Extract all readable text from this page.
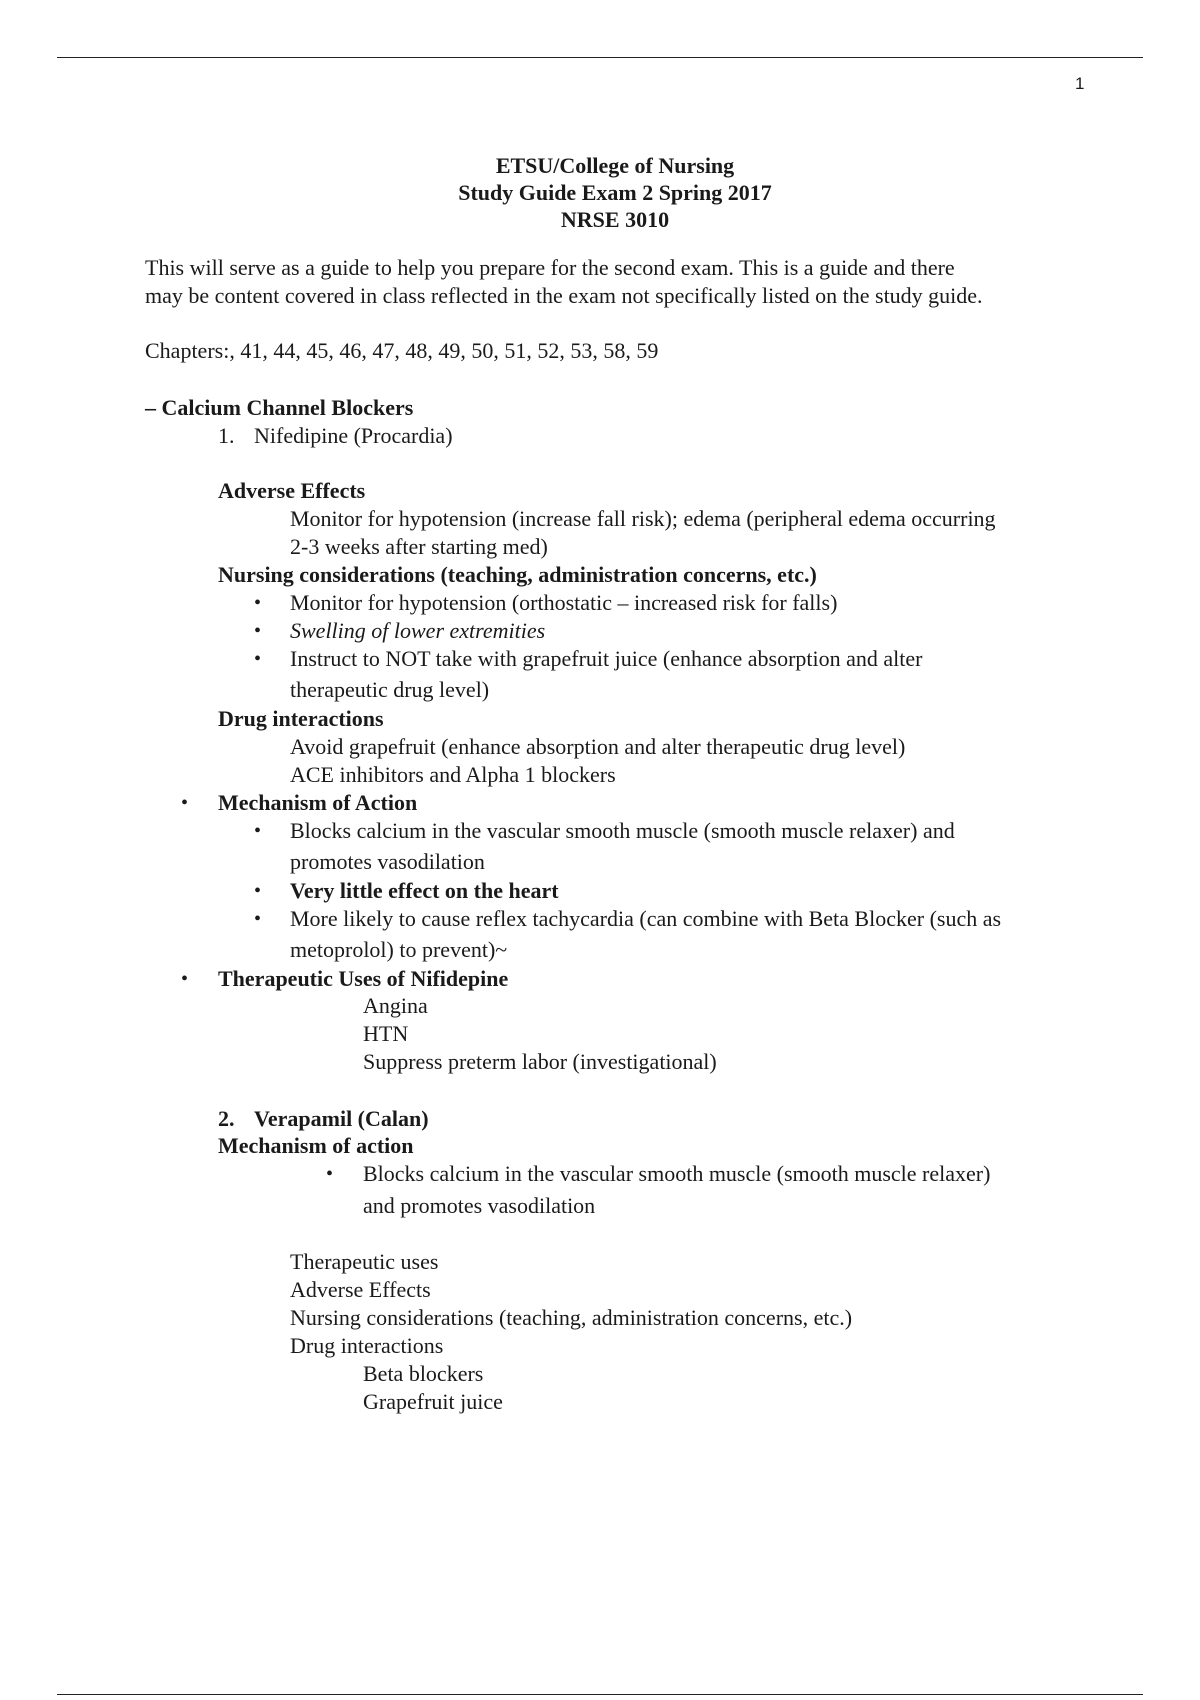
1
ETSU/College of Nursing
Study Guide Exam 2 Spring 2017
NRSE 3010
This will serve as a guide to help you prepare for the second exam. This is a guide and there
may be content covered in class reflected in the exam not specifically listed on the study guide.
Chapters:, 41, 44, 45, 46, 47, 48, 49, 50, 51, 52, 53, 58, 59
– Calcium Channel Blockers
1. Nifedipine (Procardia)
Adverse Effects
Monitor for hypotension (increase fall risk); edema (peripheral edema occurring
2-3 weeks after starting med)
Nursing considerations (teaching, administration concerns, etc.)
• Monitor for hypotension (orthostatic – increased risk for falls)
• Swelling of lower extremities
• Instruct to NOT take with grapefruit juice (enhance absorption and alter
therapeutic drug level)
Drug interactions
Avoid grapefruit (enhance absorption and alter therapeutic drug level)
ACE inhibitors and Alpha 1 blockers
• Mechanism of Action
• Blocks calcium in the vascular smooth muscle (smooth muscle relaxer) and
promotes vasodilation
• Very little effect on the heart
• More likely to cause reflex tachycardia (can combine with Beta Blocker (such as
metoprolol) to prevent)~
• Therapeutic Uses of Nifidepine
Angina
HTN
Suppress preterm labor (investigational)
2. Verapamil (Calan)
Mechanism of action
• Blocks calcium in the vascular smooth muscle (smooth muscle relaxer)
and promotes vasodilation
Therapeutic uses
Adverse Effects
Nursing considerations (teaching, administration concerns, etc.)
Drug interactions
Beta blockers
Grapefruit juice
